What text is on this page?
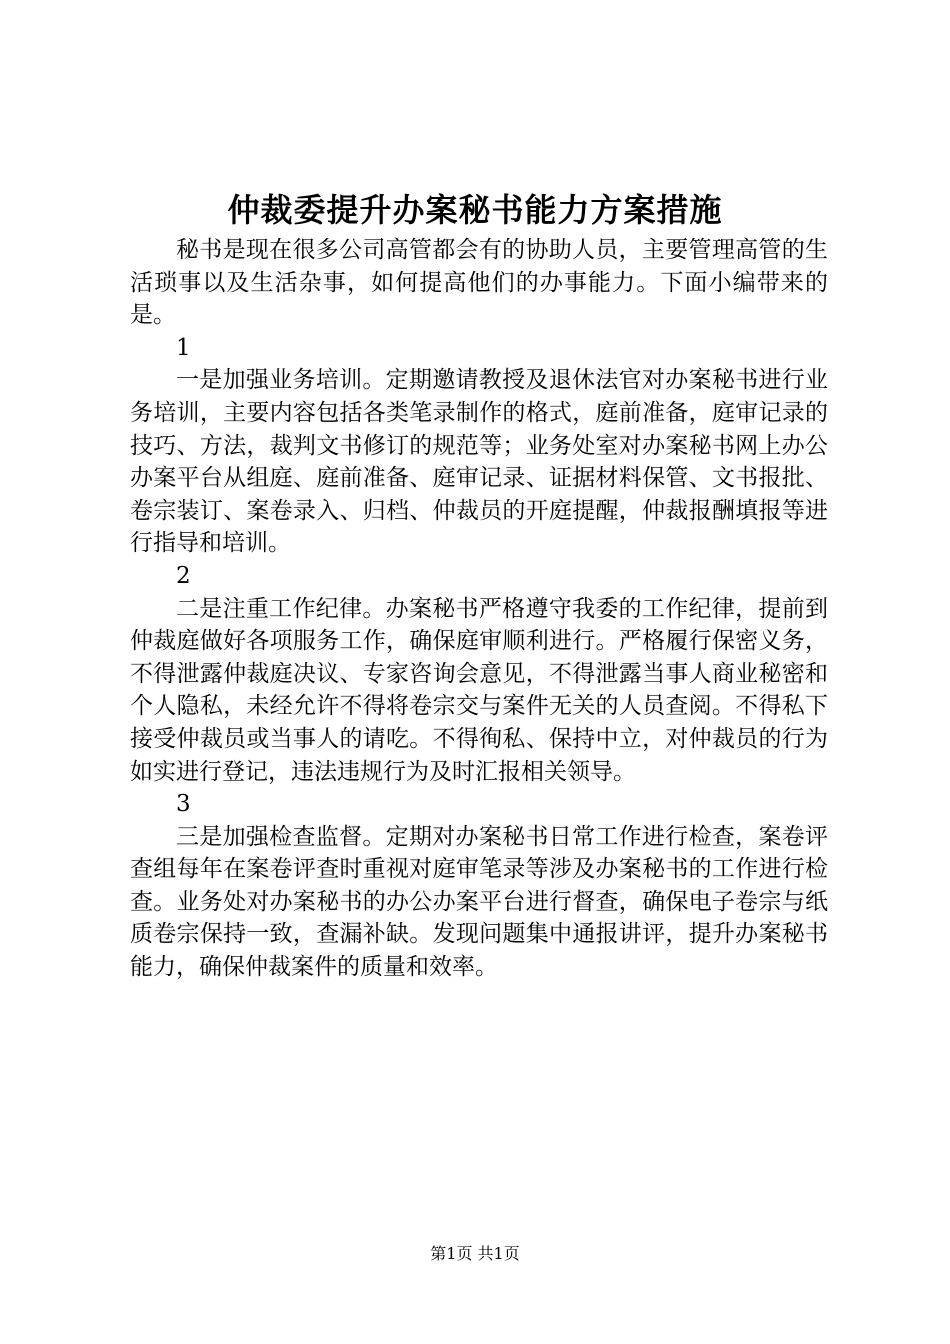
仲裁委提升办案秘书能力方案措施

秘书是现在很多公司高管都会有的协助人员，主要管理高管的生活琐事以及生活杂事，如何提高他们的办事能力。下面小编带来的是。

1

一是加强业务培训。定期邀请教授及退休法官对办案秘书进行业务培训，主要内容包括各类笔录制作的格式，庭前准备，庭审记录的技巧、方法，裁判文书修订的规范等；业务处室对办案秘书网上办公办案平台从组庭、庭前准备、庭审记录、证据材料保管、文书报批、卷宗装订、案卷录入、归档、仲裁员的开庭提醒，仲裁报酬填报等进行指导和培训。

2

二是注重工作纪律。办案秘书严格遵守我委的工作纪律，提前到仲裁庭做好各项服务工作，确保庭审顺利进行。严格履行保密义务，不得泄露仲裁庭决议、专家咨询会意见，不得泄露当事人商业秘密和个人隐私，未经允许不得将卷宗交与案件无关的人员查阅。不得私下接受仲裁员或当事人的请吃。不得徇私、保持中立，对仲裁员的行为如实进行登记，违法违规行为及时汇报相关领导。

3

三是加强检查监督。定期对办案秘书日常工作进行检查，案卷评查组每年在案卷评查时重视对庭审笔录等涉及办案秘书的工作进行检查。业务处对办案秘书的办公办案平台进行督查，确保电子卷宗与纸质卷宗保持一致，查漏补缺。发现问题集中通报讲评，提升办案秘书能力，确保仲裁案件的质量和效率。

第1页 共1页
